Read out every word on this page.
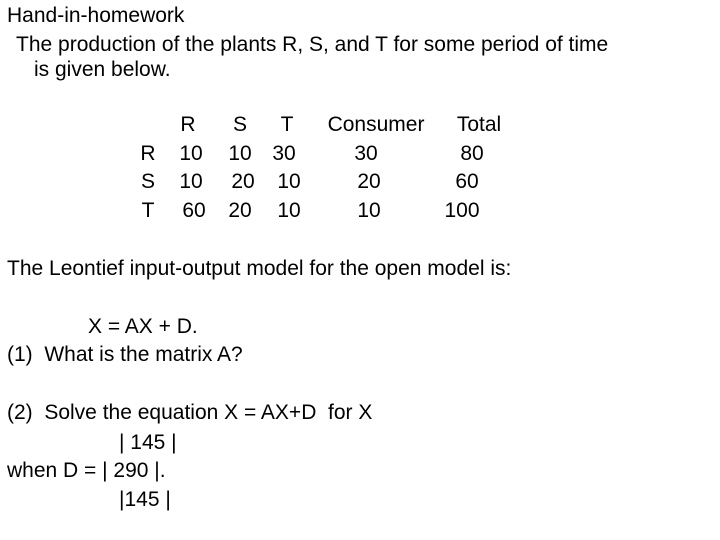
Hand-in-homework
The production of the plants R, S, and T for some period of time
is given below.
R S T Consumer Total
R 10 10 30	30	80
S 10 20 10	20	60
T 60 20 10	10	100
The Leontief input-output model for the open model is:
X = AX + D.
(1)  What is the matrix A?
(2)  Solve the equation X = AX+D  for X
| 145 |
when D = | 290 |.
|145 |
